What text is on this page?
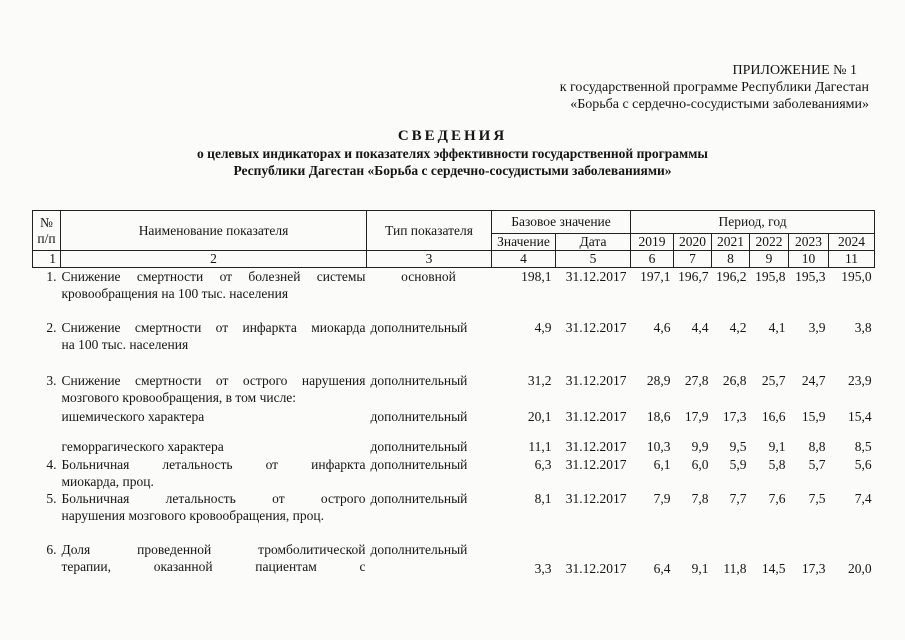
ПРИЛОЖЕНИЕ № 1
к государственной программе Республики Дагестан
«Борьба с сердечно-сосудистыми заболеваниями»
СВЕДЕНИЯ
о целевых индикаторах и показателях эффективности государственной программы
Республики Дагестан «Борьба с сердечно-сосудистыми заболеваниями»
№ п/п	Наименование показателя	Тип показателя	Базовое значение		Период, год					
			Значение	Дата	2019	2020	2021	2022	2023	2024
1	2	3	4	5	6	7	8	9	10	11
1.	Снижение смертности от болезней системы
кровообращения на 100 тыс. населения	основной	198,1	31.12.2017	197,1	196,7	196,2	195,8	195,3	195,0
2.	Снижение смертности от инфаркта миокарда
на 100 тыс. населения	дополнительный	4,9	31.12.2017	4,6	4,4	4,2	4,1	3,9	3,8
3.	Снижение смертности от острого нарушения
мозгового кровообращения, в том числе:	дополнительный	31,2	31.12.2017	28,9	27,8	26,8	25,7	24,7	23,9
	ишемического характера	дополнительный	20,1	31.12.2017	18,6	17,9	17,3	16,6	15,9	15,4
	геморрагического характера	дополнительный	11,1	31.12.2017	10,3	9,9	9,5	9,1	8,8	8,5
4.	Больничная летальность от инфаркта
миокарда, проц.	дополнительный	6,3	31.12.2017	6,1	6,0	5,9	5,8	5,7	5,6
5.	Больничная летальность от острого
нарушения мозгового кровообращения, проц.	дополнительный	8,1	31.12.2017	7,9	7,8	7,7	7,6	7,5	7,4
6.	Доля проведенной тромболитической
терапии, оказанной пациентам с	дополнительный	3,3	31.12.2017	6,4	9,1	11,8	14,5	17,3	20,0
